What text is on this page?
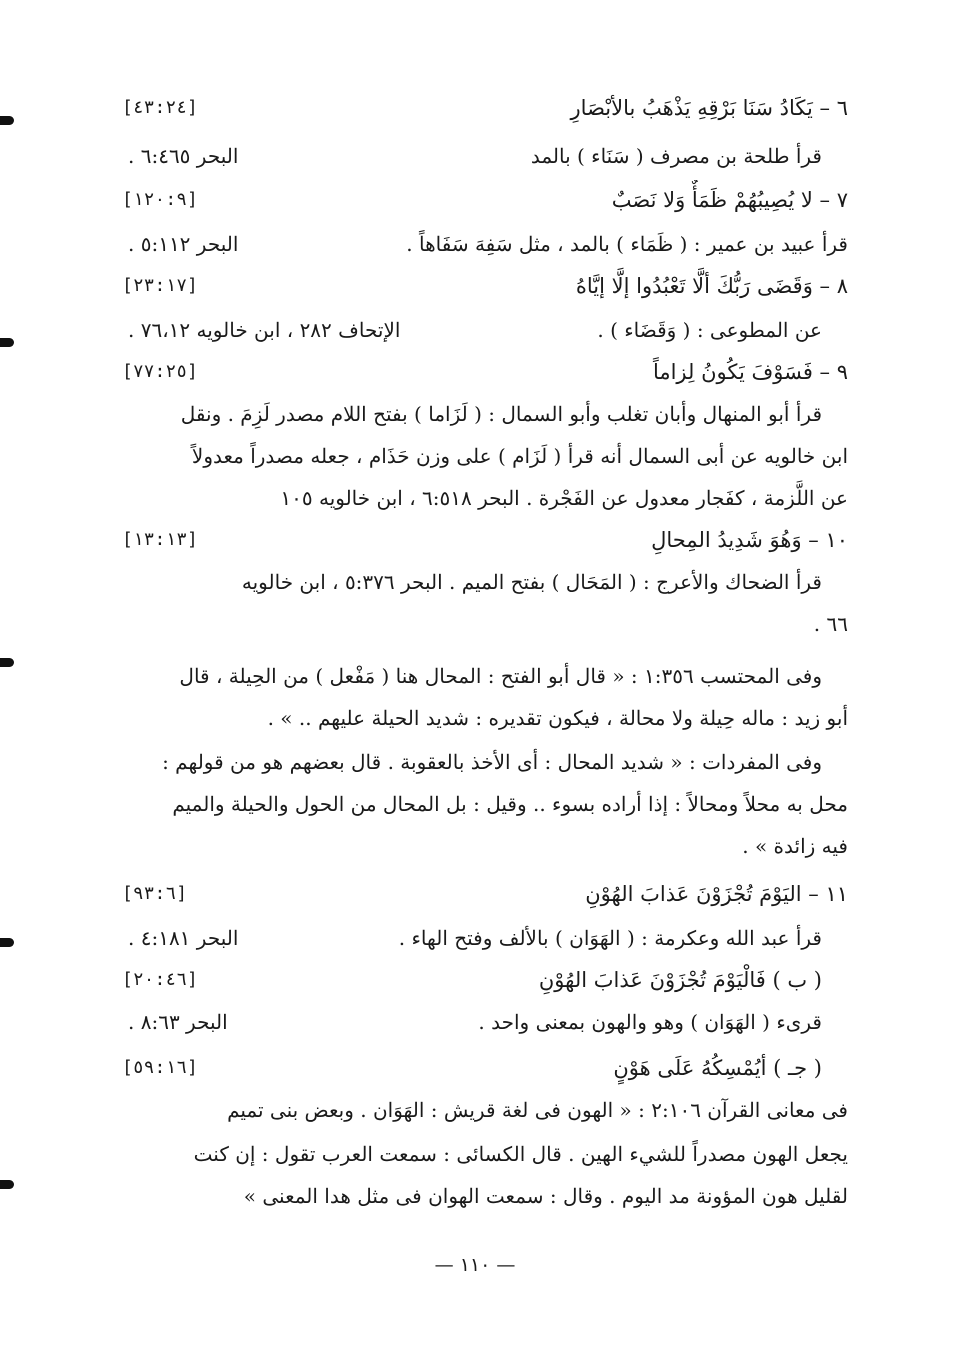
٦ – يَكَادُ سَنَا بَرْقِهِ يَذْهَبُ بالأبْصَارِ
[٤٣:٢٤]
قرأ طلحة بن مصرف ( سَنَاء ) بالمد
البحر ٦:٤٦٥ .
٧ – لا يُصِيبُهُمْ ظَمَأٌ وَلا نَصَبٌ
[١٢٠:٩]
قرأ عبيد بن عمير : ( ظَمَاء ) بالمد ، مثل سَفِهَ سَفَاهاً .
البحر ٥:١١٢ .
٨ – وَقَضَى رَبُّكَ ألَّا تَعْبُدُوا إلَّا إيَّاهُ
[٢٣:١٧]
عن المطوعى : ( وَقَضَاء ) .
الإتحاف ٢٨٢ ، ابن خالويه ٧٦،١٢ .
٩ – فَسَوْفَ يَكُونُ لِزاماً
[٧٧:٢٥]
قرأ أبو المنهال وأبان تغلب وأبو السمال : ( لَزَاما ) بفتح اللام مصدر لَزِمَ . ونقل
ابن خالويه عن أبى السمال أنه قرأ ( لَزَام ) على وزن حَذَام ، جعله مصدراً معدولاً
عن اللَّزمة ، كفَجار معدول عن الفَجْرة . البحر ٦:٥١٨ ، ابن خالويه ١٠٥
١٠ – وَهُوَ شَدِيدُ المِحالِ
[١٣:١٣]
قرأ الضحاك والأعرج : ( المَحَال ) بفتح الميم . البحر ٥:٣٧٦ ، ابن خالويه
٦٦ .
وفى المحتسب ١:٣٥٦ : « قال أبو الفتح : المحال هنا ( مَفْعل ) من الحِيلة ، قال
أبو زيد : ماله حِيلة ولا محالة ، فيكون تقديره : شديد الحيلة عليهم .. » .
وفى المفردات : « شديد المحال : أى الأخذ بالعقوبة . قال بعضهم هو من قولهم :
محل به محلاً ومحالاً : إذا أراده بسوء .. وقيل : بل المحال من الحول والحيلة والميم
فيه زائدة » .
١١ – اليَوْمَ تُجْزَوْنَ عَذابَ الهُوْنِ
[٩٣:٦]
قرأ عبد الله وعكرمة : ( الهَوَان ) بالألف وفتح الهاء .
البحر ٤:١٨١ .
( ب ) فَالْيَوْمَ تُجْزَوْنَ عَذابَ الهُوْنِ
[٢٠:٤٦]
قرىء ( الهَوَان ) وهو والهون بمعنى واحد .
البحر ٨:٦٣ .
( جـ ) أيُمْسِكُهُ عَلَى هَوْنٍ
[٥٩:١٦]
فى معانى القرآن ٢:١٠٦ : « الهون فى لغة قريش : الهَوَان . وبعض بنى تميم
يجعل الهون مصدراً للشيء الهين . قال الكسائى : سمعت العرب تقول : إن كنت
لقليل هون المؤونة مد اليوم . وقال : سمعت الهوان فى مثل هدا المعنى »
— ١١٠ —
